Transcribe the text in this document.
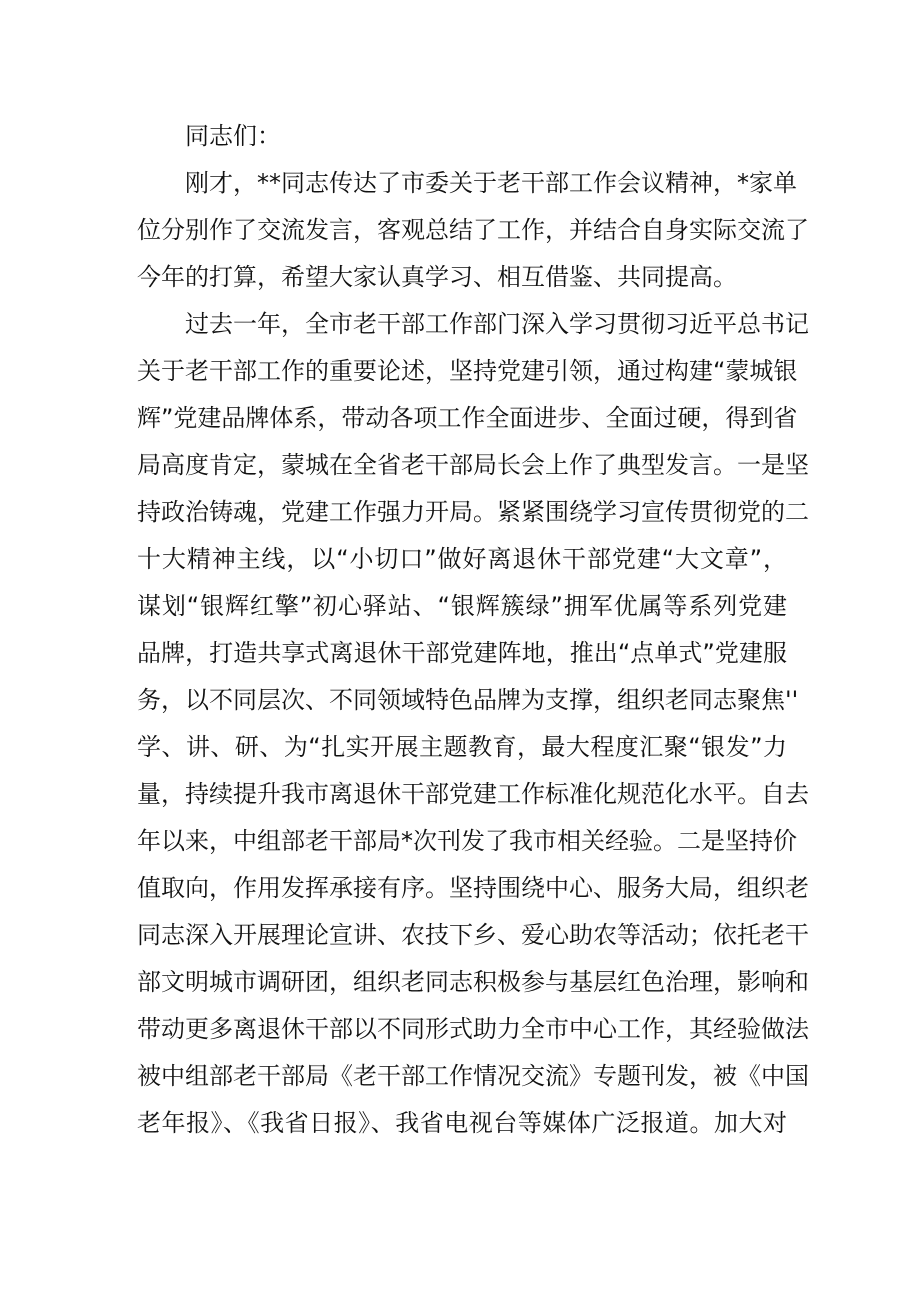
同志们：
刚才，**同志传达了市委关于老干部工作会议精神，*家单
位分别作了交流发言，客观总结了工作，并结合自身实际交流了
今年的打算，希望大家认真学习、相互借鉴、共同提高。
过去一年，全市老干部工作部门深入学习贯彻习近平总书记
关于老干部工作的重要论述，坚持党建引领，通过构建“蒙城银
辉”党建品牌体系，带动各项工作全面进步、全面过硬，得到省
局高度肯定，蒙城在全省老干部局长会上作了典型发言。一是坚
持政治铸魂，党建工作强力开局。紧紧围绕学习宣传贯彻党的二
十大精神主线，以“小切口”做好离退休干部党建“大文章”，
谋划“银辉红擎”初心驿站、“银辉簇绿”拥军优属等系列党建
品牌，打造共享式离退休干部党建阵地，推出“点单式”党建服
务，以不同层次、不同领域特色品牌为支撑，组织老同志聚焦''
学、讲、研、为“扎实开展主题教育，最大程度汇聚“银发”力
量，持续提升我市离退休干部党建工作标准化规范化水平。自去
年以来，中组部老干部局*次刊发了我市相关经验。二是坚持价
值取向，作用发挥承接有序。坚持围绕中心、服务大局，组织老
同志深入开展理论宣讲、农技下乡、爱心助农等活动；依托老干
部文明城市调研团，组织老同志积极参与基层红色治理，影响和
带动更多离退休干部以不同形式助力全市中心工作，其经验做法
被中组部老干部局《老干部工作情况交流》专题刊发，被《中国
老年报》、《我省日报》、我省电视台等媒体广泛报道。加大对
